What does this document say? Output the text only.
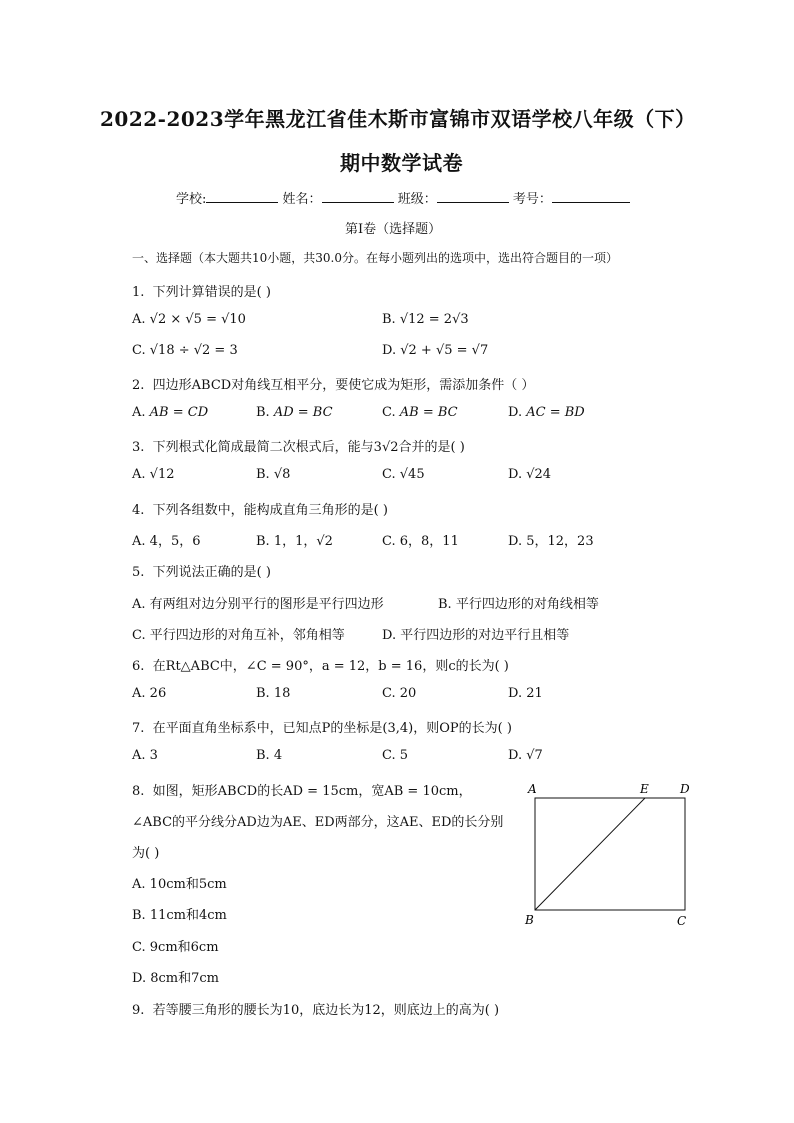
2022-2023学年黑龙江省佳木斯市富锦市双语学校八年级（下）
期中数学试卷
学校:	姓名：	班级：	考号：
第Ⅰ卷（选择题）
一、选择题（本大题共10小题，共30.0分。在每小题列出的选项中，选出符合题目的一项）
1. 下列计算错误的是( )
A. √2 × √5 = √10	B. √12 = 2√3
C. √18 ÷ √2 = 3	D. √2 + √5 = √7
2. 四边形ABCD对角线互相平分，要使它成为矩形，需添加条件（ ）
A. AB = CD	B. AD = BC	C. AB = BC	D. AC = BD
3. 下列根式化简成最简二次根式后，能与3√2合并的是( )
A. √12	B. √8	C. √45	D. √24
4. 下列各组数中，能构成直角三角形的是( )
A. 4，5，6	B. 1，1，√2	C. 6，8，11	D. 5，12，23
5. 下列说法正确的是( )
A. 有两组对边分别平行的图形是平行四边形	B. 平行四边形的对角线相等
C. 平行四边形的对角互补，邻角相等	D. 平行四边形的对边平行且相等
6. 在Rt△ABC中，∠C = 90°，a = 12，b = 16，则c的长为( )
A. 26	B. 18	C. 20	D. 21
7. 在平面直角坐标系中，已知点P的坐标是(3,4)，则OP的长为( )
A. 3	B. 4	C. 5	D. √7
8. 如图，矩形ABCD的长AD = 15cm，宽AB = 10cm，
∠ABC的平分线分AD边为AE、ED两部分，这AE、ED的长分别
为( )
A. 10cm和5cm
B. 11cm和4cm
C. 9cm和6cm
D. 8cm和7cm
A	E	D
B	C
9. 若等腰三角形的腰长为10，底边长为12，则底边上的高为( )
